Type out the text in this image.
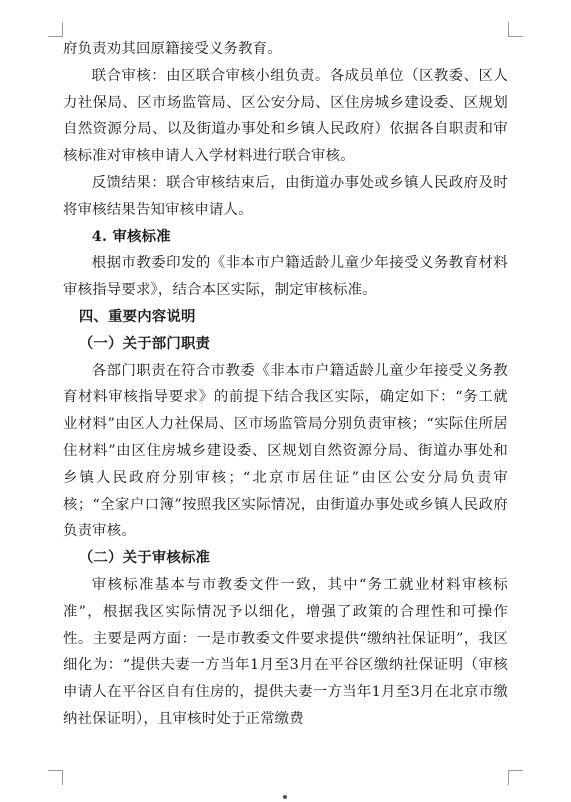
府负责劝其回原籍接受义务教育。

联合审核：由区联合审核小组负责。各成员单位（区教委、区人力社保局、区市场监管局、区公安分局、区住房城乡建设委、区规划自然资源分局、以及街道办事处和乡镇人民政府）依据各自职责和审核标准对审核申请人入学材料进行联合审核。

反馈结果：联合审核结束后，由街道办事处或乡镇人民政府及时将审核结果告知审核申请人。

4. 审核标准

根据市教委印发的《非本市户籍适龄儿童少年接受义务教育材料审核指导要求》，结合本区实际，制定审核标准。

四、重要内容说明

（一）关于部门职责

各部门职责在符合市教委《非本市户籍适龄儿童少年接受义务教育材料审核指导要求》的前提下结合我区实际，确定如下：“务工就业材料”由区人力社保局、区市场监管局分别负责审核；“实际住所居住材料”由区住房城乡建设委、区规划自然资源分局、街道办事处和乡镇人民政府分别审核；“北京市居住证”由区公安分局负责审核；“全家户口簿”按照我区实际情况，由街道办事处或乡镇人民政府负责审核。

（二）关于审核标准

审核标准基本与市教委文件一致，其中“务工就业材料审核标准”，根据我区实际情况予以细化，增强了政策的合理性和可操作性。主要是两方面：一是市教委文件要求提供“缴纳社保证明”，我区细化为：“提供夫妻一方当年1月至3月在平谷区缴纳社保证明（审核申请人在平谷区自有住房的，提供夫妻一方当年1月至3月在北京市缴纳社保证明），且审核时处于正常缴费
